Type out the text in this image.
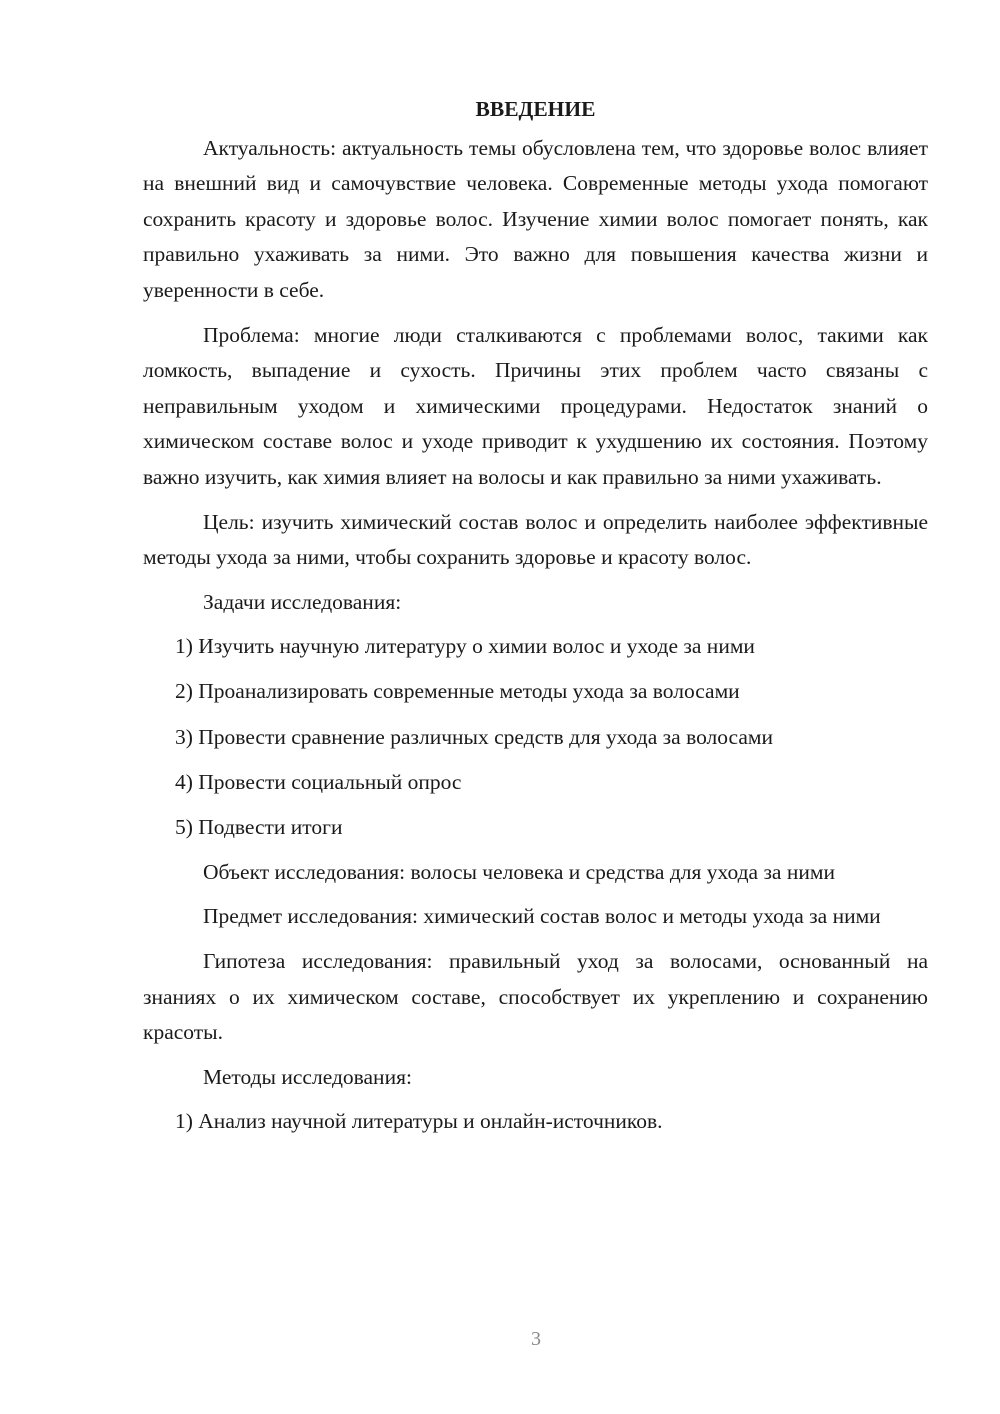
ВВЕДЕНИЕ

Актуальность: актуальность темы обусловлена тем, что здоровье волос влияет на внешний вид и самочувствие человека. Современные методы ухода помогают сохранить красоту и здоровье волос. Изучение химии волос помогает понять, как правильно ухаживать за ними. Это важно для повышения качества жизни и уверенности в себе.

Проблема: многие люди сталкиваются с проблемами волос, такими как ломкость, выпадение и сухость. Причины этих проблем часто связаны с неправильным уходом и химическими процедурами. Недостаток знаний о химическом составе волос и уходе приводит к ухудшению их состояния. Поэтому важно изучить, как химия влияет на волосы и как правильно за ними ухаживать.

Цель: изучить химический состав волос и определить наиболее эффективные методы ухода за ними, чтобы сохранить здоровье и красоту волос.

Задачи исследования:

1) Изучить научную литературу о химии волос и уходе за ними

2) Проанализировать современные методы ухода за волосами

3) Провести сравнение различных средств для ухода за волосами

4) Провести социальный опрос

5) Подвести итоги

Объект исследования: волосы человека и средства для ухода за ними

Предмет исследования: химический состав волос и методы ухода за ними

Гипотеза исследования: правильный уход за волосами, основанный на знаниях о их химическом составе, способствует их укреплению и сохранению красоты.

Методы исследования:

1) Анализ научной литературы и онлайн-источников.

3
